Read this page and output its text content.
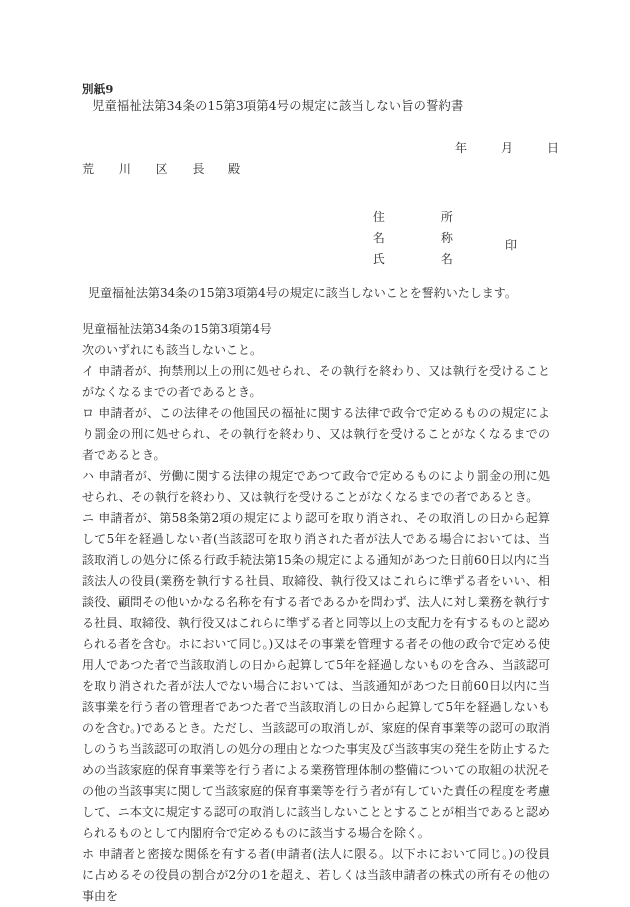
別紙9
児童福祉法第34条の15第3項第4号の規定に該当しない旨の誓約書
年　月　日
荒 川 区 長 殿

住　所

名　称

氏　名

印

児童福祉法第34条の15第3項第4号の規定に該当しないことを誓約いたします。
児童福祉法第34条の15第3項第4号
次のいずれにも該当しないこと。

イ 申請者が、拘禁刑以上の刑に処せられ、その執行を終わり、又は執行を受けることがなくなるまでの者であるとき。

ロ 申請者が、この法律その他国民の福祉に関する法律で政令で定めるものの規定により罰金の刑に処せられ、その執行を終わり、又は執行を受けることがなくなるまでの者であるとき。

ハ 申請者が、労働に関する法律の規定であつて政令で定めるものにより罰金の刑に処せられ、その執行を終わり、又は執行を受けることがなくなるまでの者であるとき。

ニ 申請者が、第58条第2項の規定により認可を取り消され、その取消しの日から起算して5年を経過しない者(当該認可を取り消された者が法人である場合においては、当該取消しの処分に係る行政手続法第15条の規定による通知があつた日前60日以内に当該法人の役員(業務を執行する社員、取締役、執行役又はこれらに準ずる者をいい、相談役、顧問その他いかなる名称を有する者であるかを問わず、法人に対し業務を執行する社員、取締役、執行役又はこれらに準ずる者と同等以上の支配力を有するものと認められる者を含む。ホにおいて同じ。)又はその事業を管理する者その他の政令で定める使用人であつた者で当該取消しの日から起算して5年を経過しないものを含み、当該認可を取り消された者が法人でない場合においては、当該通知があつた日前60日以内に当該事業を行う者の管理者であつた者で当該取消しの日から起算して5年を経過しないものを含む。)であるとき。ただし、当該認可の取消しが、家庭的保育事業等の認可の取消しのうち当該認可の取消しの処分の理由となつた事実及び当該事実の発生を防止するための当該家庭的保育事業等を行う者による業務管理体制の整備についての取組の状況その他の当該事実に関して当該家庭的保育事業等を行う者が有していた責任の程度を考慮して、ニ本文に規定する認可の取消しに該当しないこととすることが相当であると認められるものとして内閣府令で定めるものに該当する場合を除く。

ホ 申請者と密接な関係を有する者(申請者(法人に限る。以下ホにおいて同じ。)の役員に占めるその役員の割合が2分の1を超え、若しくは当該申請者の株式の所有その他の事由を
